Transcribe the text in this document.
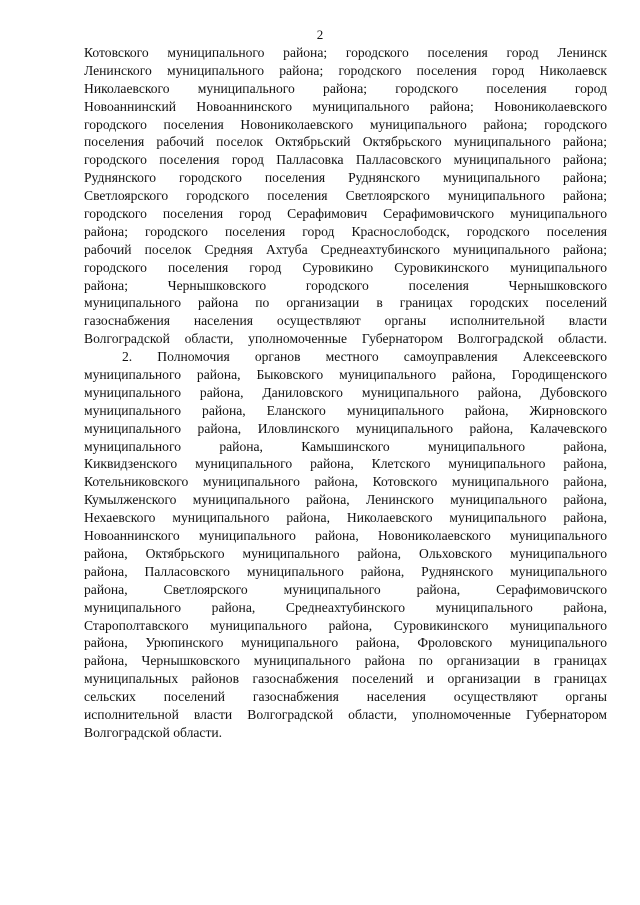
2
Котовского муниципального района; городского поселения город Ленинск
Ленинского муниципального района; городского поселения город Николаевск
Николаевского муниципального района; городского поселения город
Новоаннинский Новоаннинского муниципального района; Новониколаевского
городского поселения Новониколаевского муниципального района; городского
поселения рабочий поселок Октябрьский Октябрьского муниципального района;
городского поселения город Палласовка Палласовского муниципального района;
Руднянского городского поселения Руднянского муниципального района;
Светлоярского городского поселения Светлоярского муниципального района;
городского поселения город Серафимович Серафимовичского муниципального
района; городского поселения город Краснослободск, городского поселения
рабочий поселок Средняя Ахтуба Среднеахтубинского муниципального района;
городского поселения город Суровикино Суровикинского муниципального
района; Чернышковского городского поселения Чернышковского
муниципального района по организации в границах городских поселений
газоснабжения населения осуществляют органы исполнительной власти
Волгоградской области, уполномоченные Губернатором Волгоградской области.
2. Полномочия органов местного самоуправления Алексеевского
муниципального района, Быковского муниципального района, Городищенского
муниципального района, Даниловского муниципального района, Дубовского
муниципального района, Еланского муниципального района, Жирновского
муниципального района, Иловлинского муниципального района, Калачевского
муниципального района, Камышинского муниципального района,
Киквидзенского муниципального района, Клетского муниципального района,
Котельниковского муниципального района, Котовского муниципального района,
Кумылженского муниципального района, Ленинского муниципального района,
Нехаевского муниципального района, Николаевского муниципального района,
Новоаннинского муниципального района, Новониколаевского муниципального
района, Октябрьского муниципального района, Ольховского муниципального
района, Палласовского муниципального района, Руднянского муниципального
района, Светлоярского муниципального района, Серафимовичского
муниципального района, Среднеахтубинского муниципального района,
Старополтавского муниципального района, Суровикинского муниципального
района, Урюпинского муниципального района, Фроловского муниципального
района, Чернышковского муниципального района по организации в границах
муниципальных районов газоснабжения поселений и организации в границах
сельских поселений газоснабжения населения осуществляют органы
исполнительной власти Волгоградской области, уполномоченные Губернатором
Волгоградской области.
